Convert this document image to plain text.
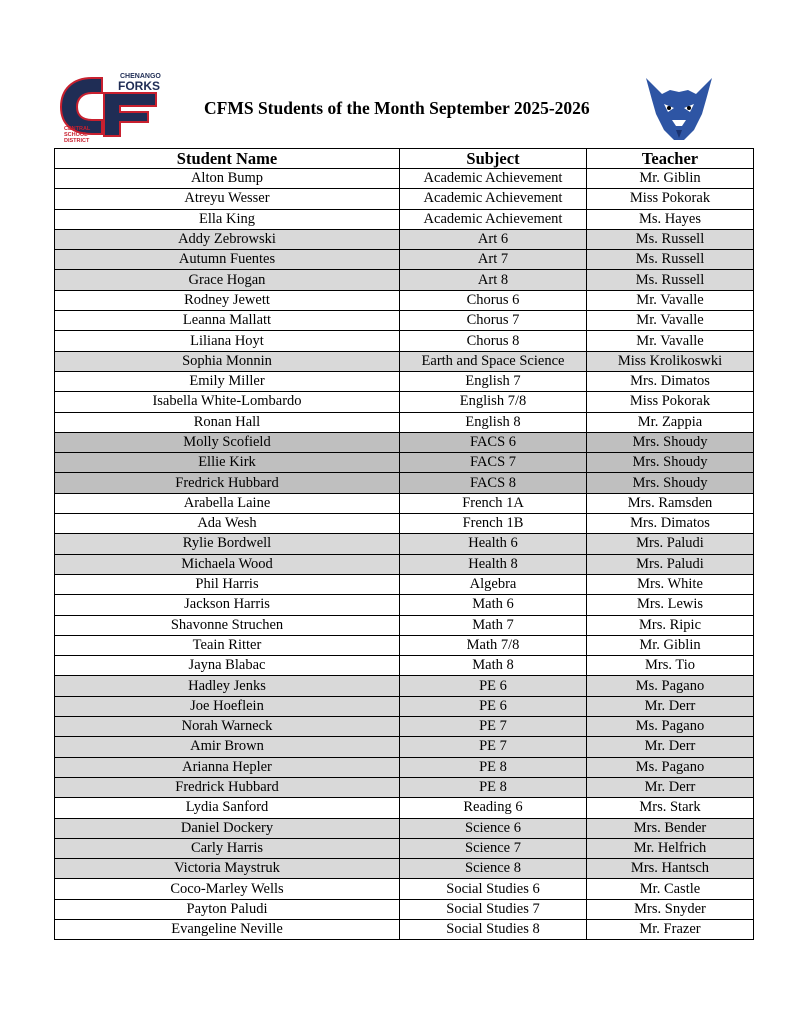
CHENANGO
FORKS
CENTRAL
SCHOOL
DISTRICT
CFMS Students of the Month September 2025-2026
Student Name	Subject	Teacher
Alton Bump	Academic Achievement	Mr. Giblin
Atreyu Wesser	Academic Achievement	Miss Pokorak
Ella King	Academic Achievement	Ms. Hayes
Addy Zebrowski	Art 6	Ms. Russell
Autumn Fuentes	Art 7	Ms. Russell
Grace Hogan	Art 8	Ms. Russell
Rodney Jewett	Chorus 6	Mr. Vavalle
Leanna Mallatt	Chorus 7	Mr. Vavalle
Liliana Hoyt	Chorus 8	Mr. Vavalle
Sophia Monnin	Earth and Space Science	Miss Krolikoswki
Emily Miller	English 7	Mrs. Dimatos
Isabella White-Lombardo	English 7/8	Miss Pokorak
Ronan Hall	English 8	Mr. Zappia
Molly Scofield	FACS 6	Mrs. Shoudy
Ellie Kirk	FACS 7	Mrs. Shoudy
Fredrick Hubbard	FACS 8	Mrs. Shoudy
Arabella Laine	French 1A	Mrs. Ramsden
Ada Wesh	French 1B	Mrs. Dimatos
Rylie Bordwell	Health 6	Mrs. Paludi
Michaela Wood	Health 8	Mrs. Paludi
Phil Harris	Algebra	Mrs. White
Jackson Harris	Math 6	Mrs. Lewis
Shavonne Struchen	Math 7	Mrs. Ripic
Teain Ritter	Math 7/8	Mr. Giblin
Jayna Blabac	Math 8	Mrs. Tio
Hadley Jenks	PE 6	Ms. Pagano
Joe Hoeflein	PE 6	Mr. Derr
Norah Warneck	PE 7	Ms. Pagano
Amir Brown	PE 7	Mr. Derr
Arianna Hepler	PE 8	Ms. Pagano
Fredrick Hubbard	PE 8	Mr. Derr
Lydia Sanford	Reading 6	Mrs. Stark
Daniel Dockery	Science 6	Mrs. Bender
Carly Harris	Science 7	Mr. Helfrich
Victoria Maystruk	Science 8	Mrs. Hantsch
Coco-Marley Wells	Social Studies 6	Mr. Castle
Payton Paludi	Social Studies 7	Mrs. Snyder
Evangeline Neville	Social Studies 8	Mr. Frazer
